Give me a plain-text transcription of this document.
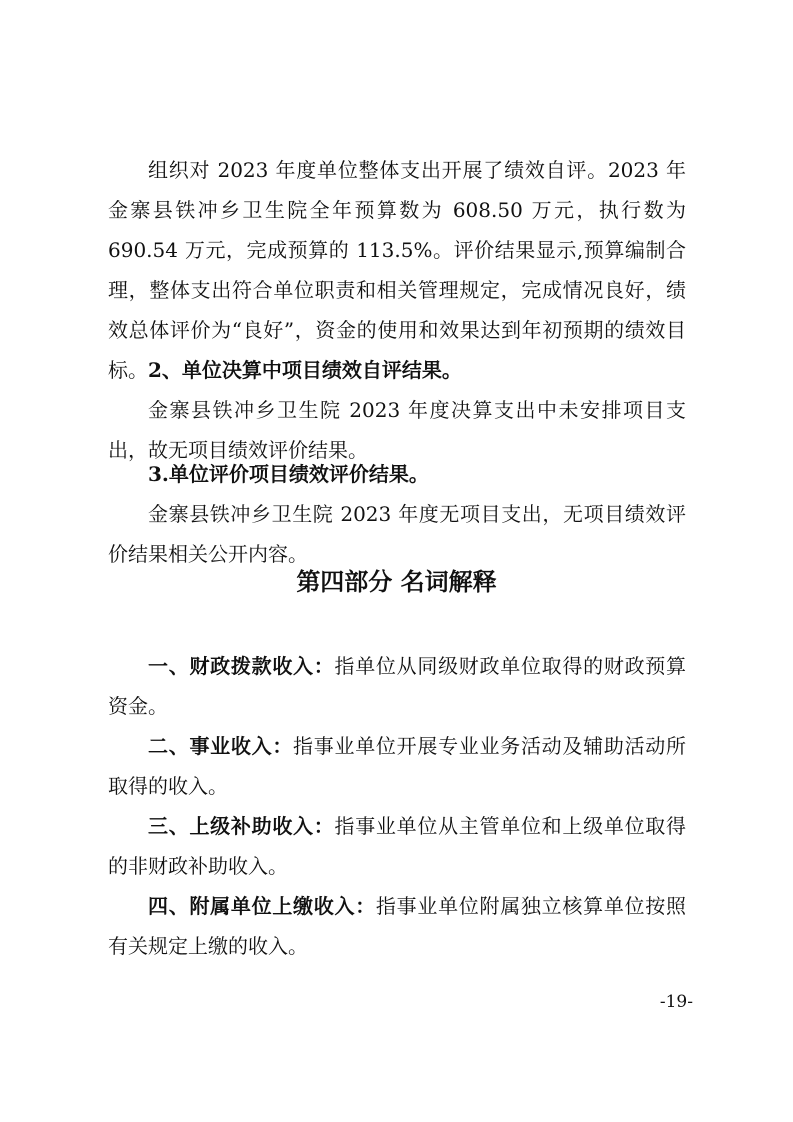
组织对 2023 年度单位整体支出开展了绩效自评。2023 年金寨县铁冲乡卫生院全年预算数为 608.50 万元，执行数为 690.54 万元，完成预算的 113.5%。评价结果显示,预算编制合理，整体支出符合单位职责和相关管理规定，完成情况良好，绩效总体评价为“良好”，资金的使用和效果达到年初预期的绩效目标。 2、单位决算中项目绩效自评结果。

金寨县铁冲乡卫生院 2023 年度决算支出中未安排项目支出，故无项目绩效评价结果。

3.单位评价项目绩效评价结果。

金寨县铁冲乡卫生院 2023 年度无项目支出，无项目绩效评价结果相关公开内容。

第四部分 名词解释

一、财政拨款收入：指单位从同级财政单位取得的财政预算资金。

二、事业收入：指事业单位开展专业业务活动及辅助活动所取得的收入。

三、上级补助收入：指事业单位从主管单位和上级单位取得的非财政补助收入。

四、附属单位上缴收入：指事业单位附属独立核算单位按照有关规定上缴的收入。

-19-
